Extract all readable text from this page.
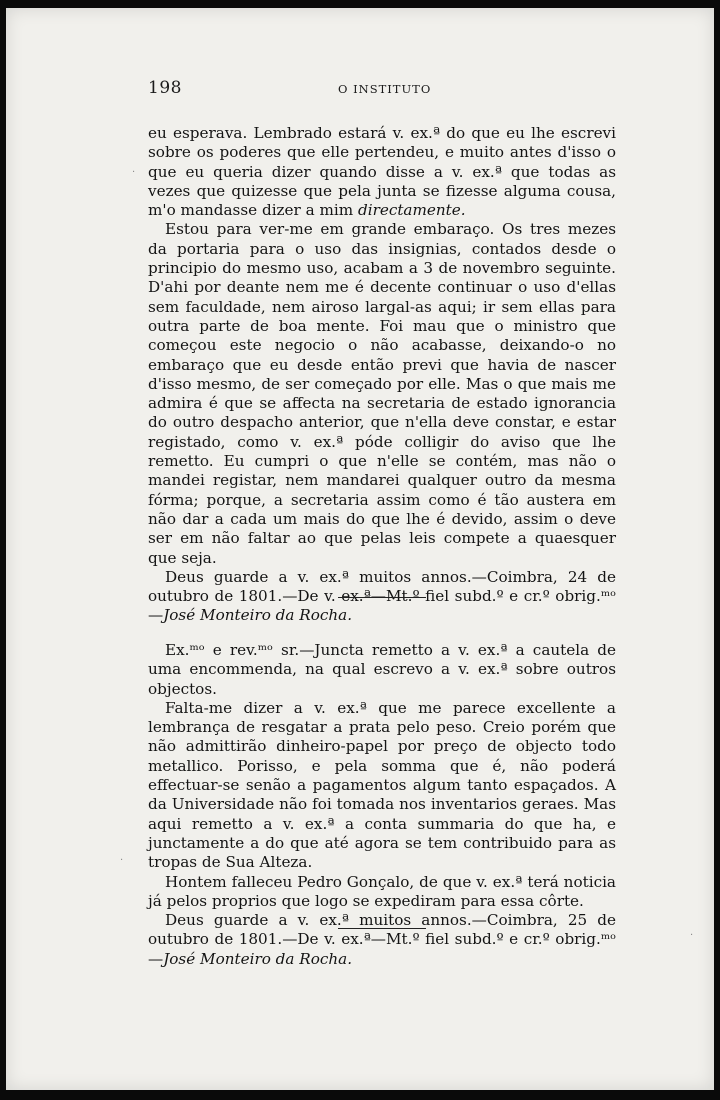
198	O INSTITUTO

eu esperava. Lembrado estará v. ex.ª do que eu lhe escrevi sobre os poderes que elle pertendeu, e muito antes d'isso o que eu queria dizer quando disse a v. ex.ª que todas as vezes que quizesse que pela junta se fizesse alguma cousa, m'o mandasse dizer a mim directamente.

Estou para ver-me em grande embaraço. Os tres mezes da portaria para o uso das insignias, contados desde o principio do mesmo uso, acabam a 3 de novembro seguinte. D'ahi por deante nem me é decente continuar o uso d'ellas sem faculdade, nem airoso largal-as aqui; ir sem ellas para outra parte de boa mente. Foi mau que o ministro que começou este negocio o não acabasse, deixando-o no embaraço que eu desde então previ que havia de nascer d'isso mesmo, de ser começado por elle. Mas o que mais me admira é que se affecta na secretaria de estado ignorancia do outro despacho anterior, que n'ella deve constar, e estar registado, como v. ex.ª póde colligir do aviso que lhe remetto. Eu cumpri o que n'elle se contém, mas não o mandei registar, nem mandarei qualquer outro da mesma fórma; porque, a secretaria assim como é tão austera em não dar a cada um mais do que lhe é devido, assim o deve ser em não faltar ao que pelas leis compete a quaesquer que seja.

Deus guarde a v. ex.ª muitos annos.—Coimbra, 24 de outubro de 1801.—De v. ex.ª—Mt.º fiel subd.º e cr.º obrig.ᵐᵒ—José Monteiro da Rocha.

Ex.ᵐᵒ e rev.ᵐᵒ sr.—Juncta remetto a v. ex.ª a cautela de uma encommenda, na qual escrevo a v. ex.ª sobre outros objectos.

Falta-me dizer a v. ex.ª que me parece excellente a lembrança de resgatar a prata pelo peso. Creio porém que não admittirão dinheiro-papel por preço de objecto todo metallico. Porisso, e pela somma que é, não poderá effectuar-se senão a pagamentos algum tanto espaçados. A da Universidade não foi tomada nos inventarios geraes. Mas aqui remetto a v. ex.ª a conta summaria do que ha, e junctamente a do que até agora se tem contribuido para as tropas de Sua Alteza.

Hontem falleceu Pedro Gonçalo, de que v. ex.ª terá noticia já pelos proprios que logo se expediram para essa côrte.

Deus guarde a v. ex.ª muitos annos.—Coimbra, 25 de outubro de 1801.—De v. ex.ª—Mt.º fiel subd.º e cr.º obrig.ᵐᵒ—José Monteiro da Rocha.

·
·
·
